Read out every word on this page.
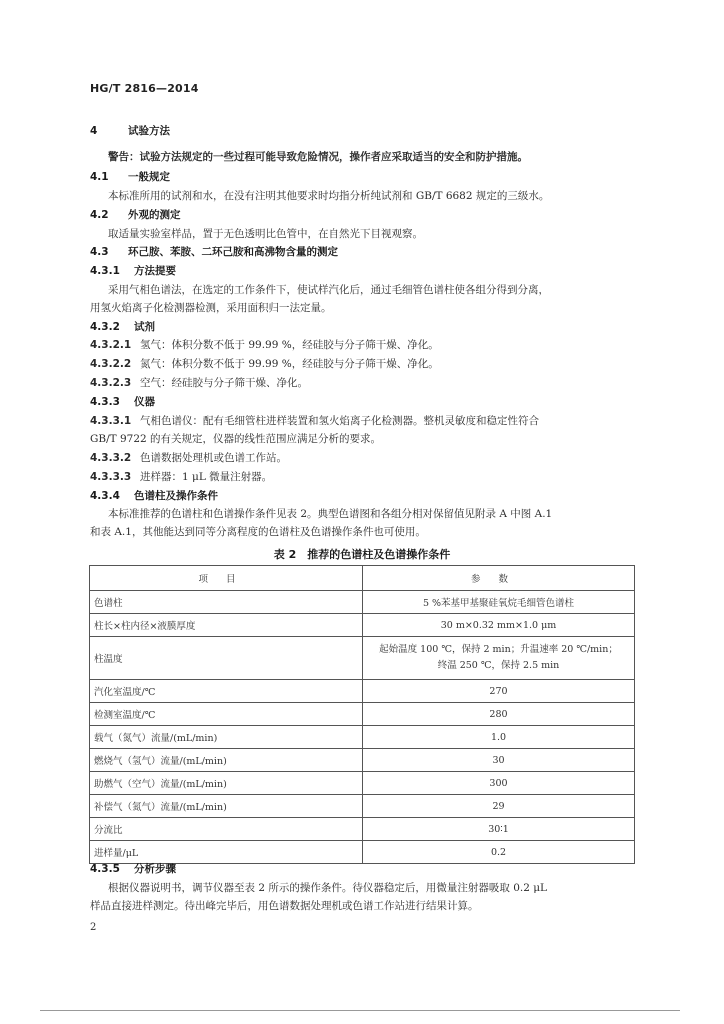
HG/T 2816—2014
4	试验方法
警告：试验方法规定的一些过程可能导致危险情况，操作者应采取适当的安全和防护措施。
4.1 一般规定
本标准所用的试剂和水，在没有注明其他要求时均指分析纯试剂和 GB/T 6682 规定的三级水。
4.2 外观的测定
取适量实验室样品，置于无色透明比色管中，在自然光下目视观察。
4.3 环己胺、苯胺、二环己胺和高沸物含量的测定
4.3.1 方法提要
采用气相色谱法，在选定的工作条件下，使试样汽化后，通过毛细管色谱柱使各组分得到分离，
用氢火焰离子化检测器检测，采用面积归一法定量。
4.3.2 试剂
4.3.2.1 氢气：体积分数不低于 99.99 %，经硅胶与分子筛干燥、净化。
4.3.2.2 氮气：体积分数不低于 99.99 %，经硅胶与分子筛干燥、净化。
4.3.2.3 空气：经硅胶与分子筛干燥、净化。
4.3.3 仪器
4.3.3.1 气相色谱仪：配有毛细管柱进样装置和氢火焰离子化检测器。整机灵敏度和稳定性符合
GB/T 9722 的有关规定，仪器的线性范围应满足分析的要求。
4.3.3.2 色谱数据处理机或色谱工作站。
4.3.3.3 进样器：1 μL 微量注射器。
4.3.4 色谱柱及操作条件
本标准推荐的色谱柱和色谱操作条件见表 2。典型色谱图和各组分相对保留值见附录 A 中图 A.1
和表 A.1，其他能达到同等分离程度的色谱柱及色谱操作条件也可使用。
表 2　推荐的色谱柱及色谱操作条件
项目	参数
色谱柱	5 %苯基甲基聚硅氧烷毛细管色谱柱
柱长×柱内径×液膜厚度	30 m×0.32 mm×1.0 μm
柱温度	起始温度 100 ℃，保持 2 min；升温速率 20 ℃/min；
终温 250 ℃，保持 2.5 min

汽化室温度/℃	270
检测室温度/℃	280
载气（氮气）流量/(mL/min)	1.0
燃烧气（氢气）流量/(mL/min)	30
助燃气（空气）流量/(mL/min)	300
补偿气（氮气）流量/(mL/min)	29
分流比	30∶1
进样量/μL	0.2
4.3.5 分析步骤
根据仪器说明书，调节仪器至表 2 所示的操作条件。待仪器稳定后，用微量注射器吸取 0.2 μL
样品直接进样测定。待出峰完毕后，用色谱数据处理机或色谱工作站进行结果计算。
2
